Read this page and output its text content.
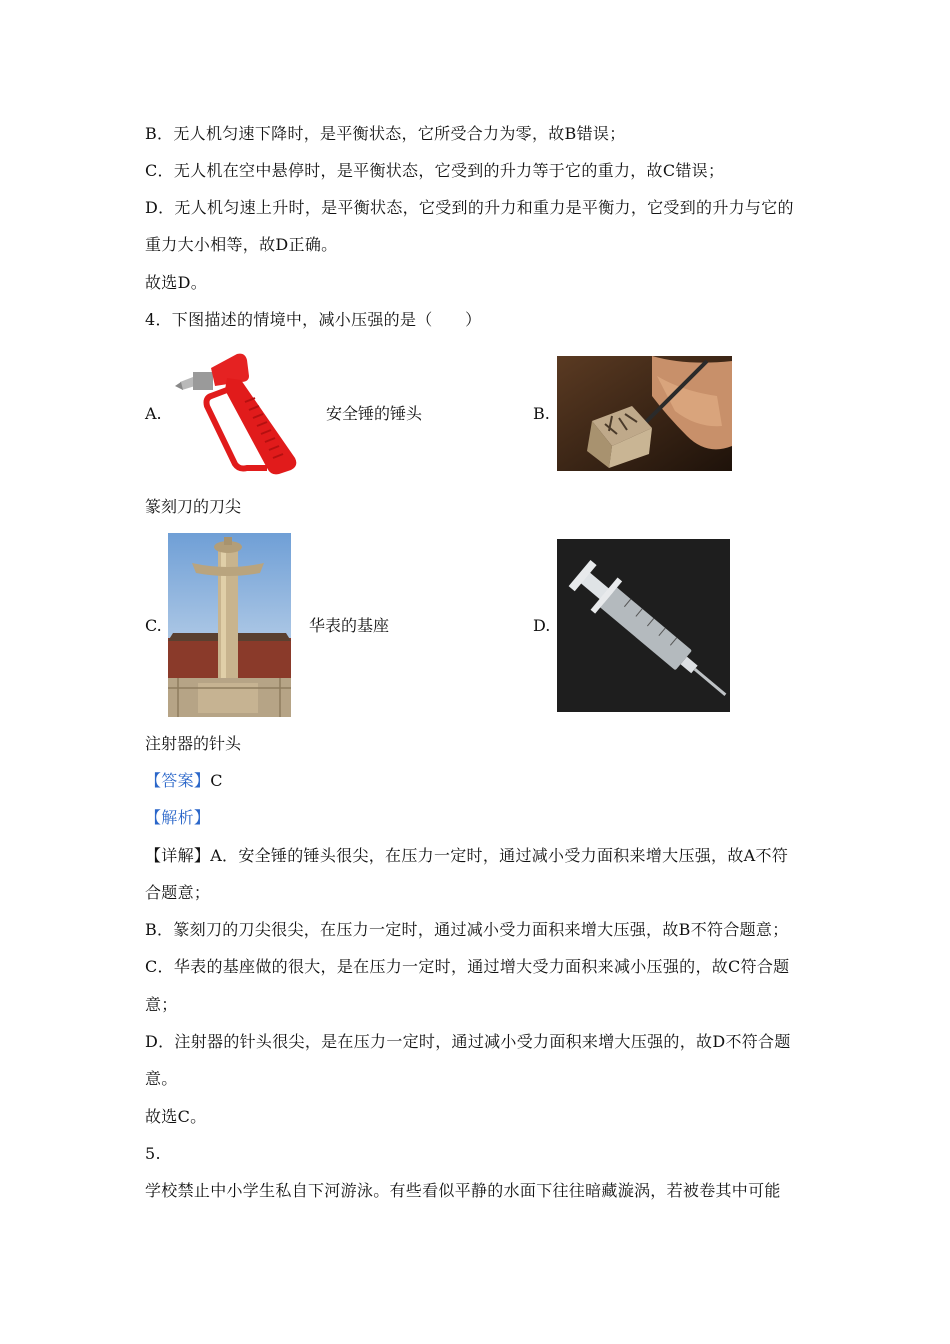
B．无人机匀速下降时，是平衡状态，它所受合力为零，故B错误；
C．无人机在空中悬停时，是平衡状态，它受到的升力等于它的重力，故C错误；
D．无人机匀速上升时，是平衡状态，它受到的升力和重力是平衡力，它受到的升力与它的
重力大小相等，故D正确。
故选D。
4．下图描述的情境中，减小压强的是（　　）
A.	安全锤的锤头	B.
篆刻刀的刀尖
C.	华表的基座	D.
注射器的针头
【答案】C
【解析】
【详解】A．安全锤的锤头很尖，在压力一定时，通过减小受力面积来增大压强，故A不符
合题意；
B．篆刻刀的刀尖很尖，在压力一定时，通过减小受力面积来增大压强，故B不符合题意；
C．华表的基座做的很大，是在压力一定时，通过增大受力面积来减小压强的，故C符合题
意；
D．注射器的针头很尖，是在压力一定时，通过减小受力面积来增大压强的，故D不符合题
意。
故选C。
5.
学校禁止中小学生私自下河游泳。有些看似平静的水面下往往暗藏漩涡，若被卷其中可能
